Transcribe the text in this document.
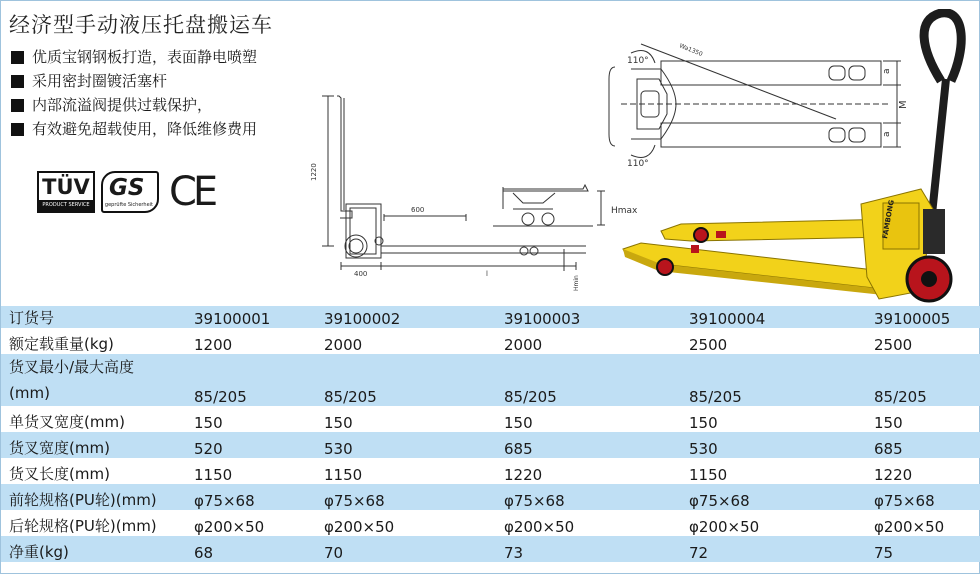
经济型手动液压托盘搬运车
优质宝钢钢板打造，表面静电喷塑
采用密封圈镀活塞杆
内部流溢阀提供过载保护，
有效避免超载使用，降低维修费用
TÜV
PRODUCT SERVICE
GS
geprüfte Sicherheit CE	1220
600
400	l
Hmin
Hmax
110°
110°
Wa1350
a
M
a
FAMBONG
订货号	39100001	39100002	39100003	39100004	39100005
额定载重量(kg)	1200	2000	2000	2500	2500

货叉最小/最大高度
(mm)	85/205	85/205	85/205	85/205	85/205
单货叉宽度(mm)	150	150	150	150	150
货叉宽度(mm)	520	530	685	530	685
货叉长度(mm)	1150	1150	1220	1150	1220
前轮规格(PU轮)(mm)	φ75×68	φ75×68	φ75×68	φ75×68	φ75×68
后轮规格(PU轮)(mm)	φ200×50	φ200×50	φ200×50	φ200×50	φ200×50
净重(kg)	68	70	73	72	75
